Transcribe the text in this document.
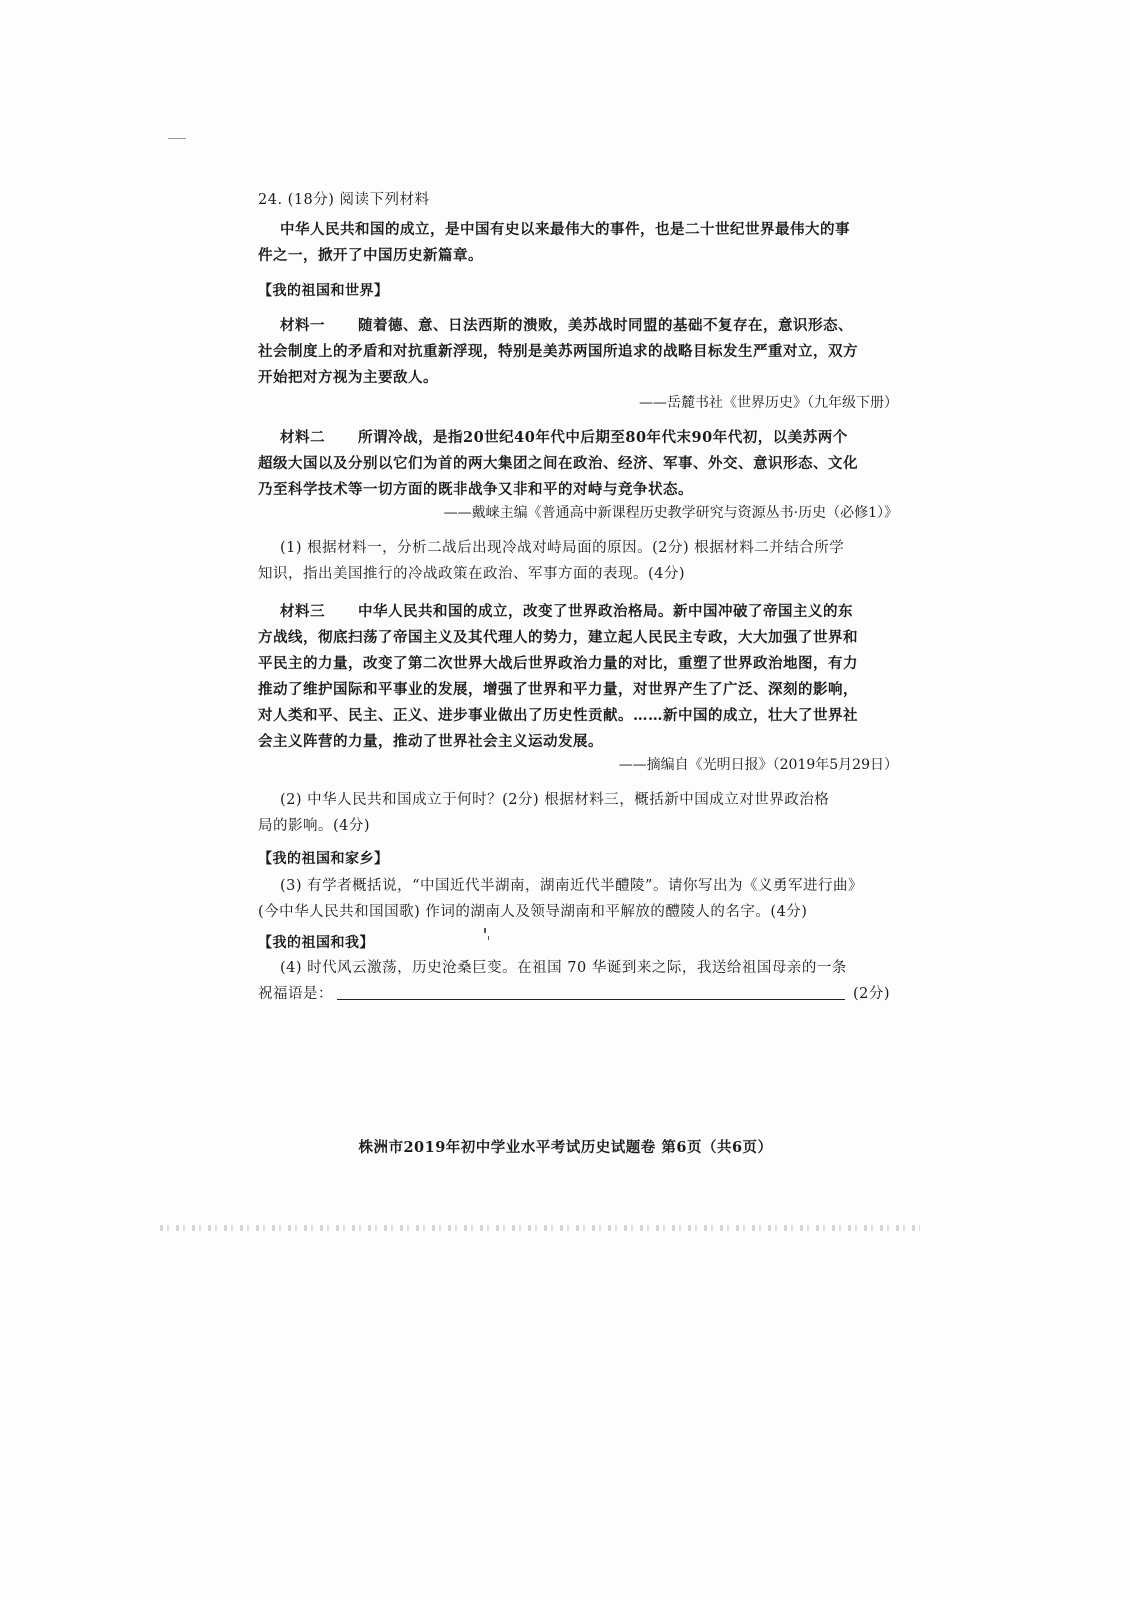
24. (18分) 阅读下列材料
中华人民共和国的成立，是中国有史以来最伟大的事件，也是二十世纪世界最伟大的事
件之一，掀开了中国历史新篇章。
【我的祖国和世界】
材料一 随着德、意、日法西斯的溃败，美苏战时同盟的基础不复存在，意识形态、
社会制度上的矛盾和对抗重新浮现，特别是美苏两国所追求的战略目标发生严重对立，双方
开始把对方视为主要敌人。
——岳麓书社《世界历史》（九年级下册）
材料二 所谓冷战，是指20世纪40年代中后期至80年代末90年代初，以美苏两个
超级大国以及分别以它们为首的两大集团之间在政治、经济、军事、外交、意识形态、文化
乃至科学技术等一切方面的既非战争又非和平的对峙与竞争状态。
——戴崃主编《普通高中新课程历史教学研究与资源丛书·历史（必修1）》
(1) 根据材料一，分析二战后出现冷战对峙局面的原因。(2分) 根据材料二并结合所学
知识，指出美国推行的冷战政策在政治、军事方面的表现。(4分)
材料三 中华人民共和国的成立，改变了世界政治格局。新中国冲破了帝国主义的东
方战线，彻底扫荡了帝国主义及其代理人的势力，建立起人民民主专政，大大加强了世界和
平民主的力量，改变了第二次世界大战后世界政治力量的对比，重塑了世界政治地图，有力
推动了维护国际和平事业的发展，增强了世界和平力量，对世界产生了广泛、深刻的影响，
对人类和平、民主、正义、进步事业做出了历史性贡献。……新中国的成立，壮大了世界社
会主义阵营的力量，推动了世界社会主义运动发展。
——摘编自《光明日报》（2019年5月29日）
(2) 中华人民共和国成立于何时？(2分) 根据材料三，概括新中国成立对世界政治格
局的影响。(4分)
【我的祖国和家乡】
(3) 有学者概括说，“中国近代半湖南，湖南近代半醴陵”。请你写出为《义勇军进行曲》
(今中华人民共和国国歌) 作词的湖南人及领导湖南和平解放的醴陵人的名字。(4分)
【我的祖国和我】
(4) 时代风云激荡，历史沧桑巨变。在祖国 70 华诞到来之际，我送给祖国母亲的一条
祝福语是：	(2分)
株洲市2019年初中学业水平考试历史试题卷 第6页（共6页）
